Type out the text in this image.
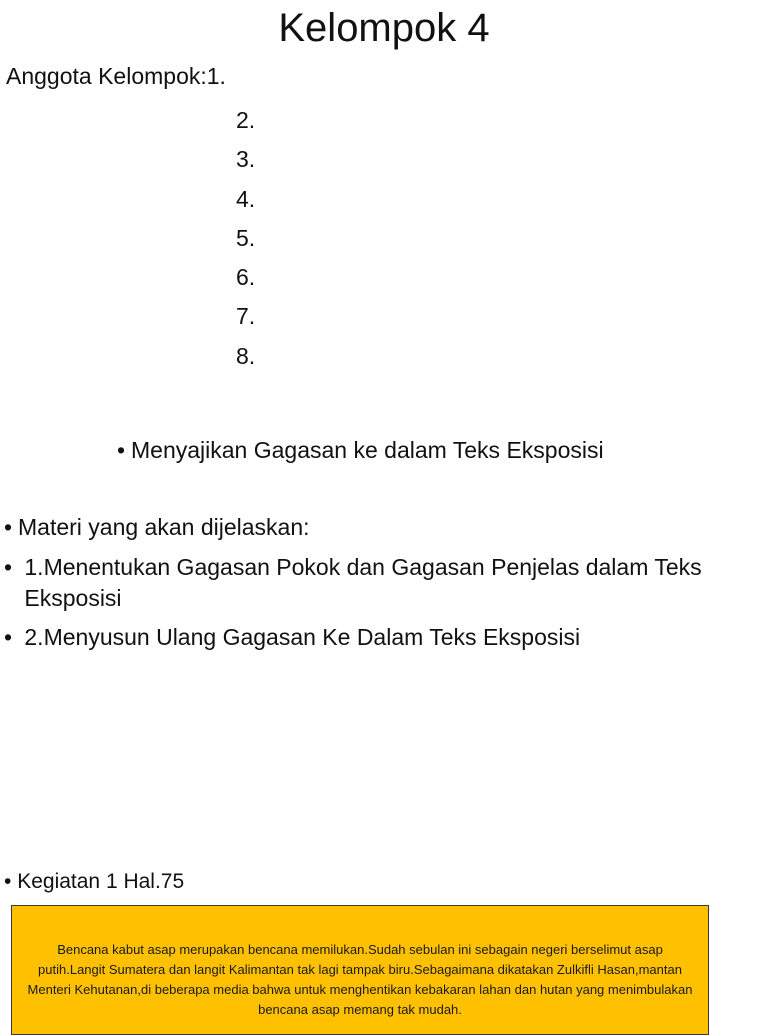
Kelompok 4
Anggota Kelompok:1.
2.
3.
4.
5.
6.
7.
8.
• Menyajikan Gagasan ke dalam Teks Eksposisi
• Materi yang akan dijelaskan:
• 1.Menentukan Gagasan Pokok dan Gagasan Penjelas dalam Teks Eksposisi
• 2.Menyusun Ulang Gagasan Ke Dalam Teks Eksposisi
• Kegiatan 1 Hal.75
Bencana kabut asap merupakan bencana memilukan.Sudah sebulan ini sebagain negeri berselimut asap putih.Langit Sumatera dan langit Kalimantan tak lagi tampak biru.Sebagaimana dikatakan Zulkifli Hasan,mantan Menteri Kehutanan,di beberapa media bahwa untuk menghentikan kebakaran lahan dan hutan yang menimbulakan bencana asap memang tak mudah.
